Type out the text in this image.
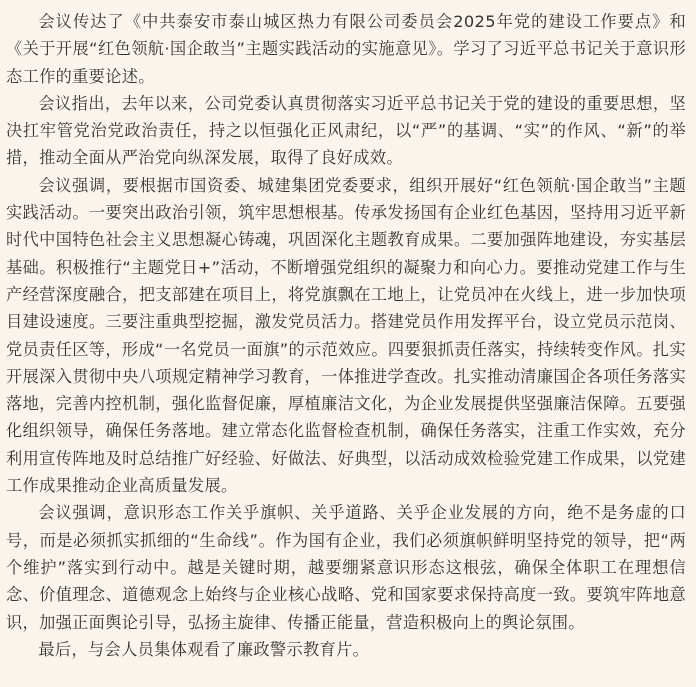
会议传达了《中共泰安市泰山城区热力有限公司委员会2025年党的建设工作要点》和《关于开展“红色领航·国企敢当”主题实践活动的实施意见》。学习了习近平总书记关于意识形态工作的重要论述。

会议指出，去年以来，公司党委认真贯彻落实习近平总书记关于党的建设的重要思想，坚决扛牢管党治党政治责任，持之以恒强化正风肃纪，以“严”的基调、“实”的作风、“新”的举措，推动全面从严治党向纵深发展，取得了良好成效。

会议强调，要根据市国资委、城建集团党委要求，组织开展好“红色领航·国企敢当”主题实践活动。一要突出政治引领，筑牢思想根基。传承发扬国有企业红色基因，坚持用习近平新时代中国特色社会主义思想凝心铸魂，巩固深化主题教育成果。二要加强阵地建设，夯实基层基础。积极推行“主题党日+”活动，不断增强党组织的凝聚力和向心力。要推动党建工作与生产经营深度融合，把支部建在项目上，将党旗飘在工地上，让党员冲在火线上，进一步加快项目建设速度。三要注重典型挖掘，激发党员活力。搭建党员作用发挥平台，设立党员示范岗、党员责任区等，形成“一名党员一面旗”的示范效应。四要狠抓责任落实，持续转变作风。扎实开展深入贯彻中央八项规定精神学习教育，一体推进学查改。扎实推动清廉国企各项任务落实落地，完善内控机制，强化监督促廉，厚植廉洁文化，为企业发展提供坚强廉洁保障。五要强化组织领导，确保任务落地。建立常态化监督检查机制，确保任务落实，注重工作实效，充分利用宣传阵地及时总结推广好经验、好做法、好典型，以活动成效检验党建工作成果，以党建工作成果推动企业高质量发展。

会议强调，意识形态工作关乎旗帜、关乎道路、关乎企业发展的方向，绝不是务虚的口号，而是必须抓实抓细的“生命线”。作为国有企业，我们必须旗帜鲜明坚持党的领导，把“两个维护”落实到行动中。越是关键时期，越要绷紧意识形态这根弦，确保全体职工在理想信念、价值理念、道德观念上始终与企业核心战略、党和国家要求保持高度一致。要筑牢阵地意识，加强正面舆论引导，弘扬主旋律、传播正能量，营造积极向上的舆论氛围。

最后，与会人员集体观看了廉政警示教育片。
